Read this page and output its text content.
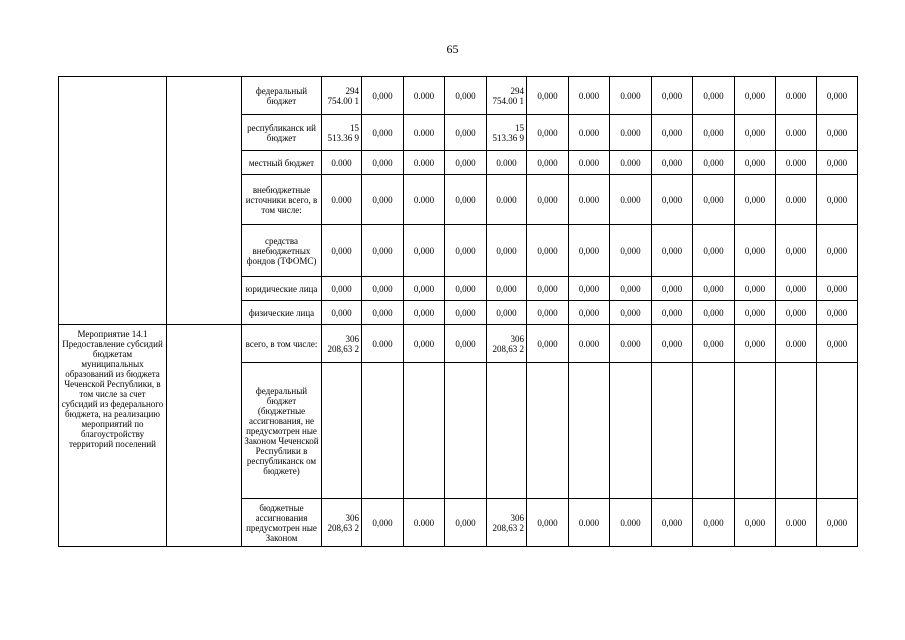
65
		федеральный бюджет	294 754.00 1	0,000	0.000	0,000	294 754.00 1	0,000	0.000	0.000	0,000	0,000	0,000	0.000	0,000
		республиканск ий бюджет	15 513.36 9	0,000	0.000	0,000	15 513.36 9	0,000	0.000	0.000	0,000	0,000	0,000	0.000	0,000
		местный бюджет	0.000	0,000	0.000	0,000	0.000	0,000	0.000	0.000	0,000	0,000	0,000	0.000	0,000
		внебюджетные источники всего, в том числе:	0.000	0,000	0.000	0,000	0.000	0,000	0.000	0.000	0,000	0,000	0,000	0.000	0,000
		средства внебюджетных фондов (ТФОМС)	0,000	0,000	0,000	0,000	0,000	0,000	0,000	0,000	0,000	0,000	0,000	0,000	0,000
		юридические лица	0,000	0,000	0,000	0,000	0,000	0,000	0,000	0,000	0,000	0,000	0,000	0,000	0,000
		физические лица	0,000	0,000	0,000	0,000	0,000	0,000	0,000	0,000	0,000	0,000	0,000	0,000	0,000
Мероприятие 14.1 Предоставление субсидий бюджетам муниципальных образований из бюджета Чеченской Республики, в том числе за счет субсидий из федерального бюджета, на реализацию мероприятий по благоустройству территорий поселений		всего, в том числе:	306 208,63 2	0.000	0,000	0,000	306 208,63 2	0,000	0.000	0.000	0,000	0,000	0,000	0.000	0,000
		федеральный бюджет (бюджетные ассигнования, не предусмотрен ные Законом Чеченской Республики в республиканск ом бюджете)													
		бюджетные ассигнования предусмотрен ные Законом	306 208,63 2	0,000	0.000	0,000	306 208,63 2	0,000	0.000	0.000	0,000	0,000	0,000	0.000	0,000
